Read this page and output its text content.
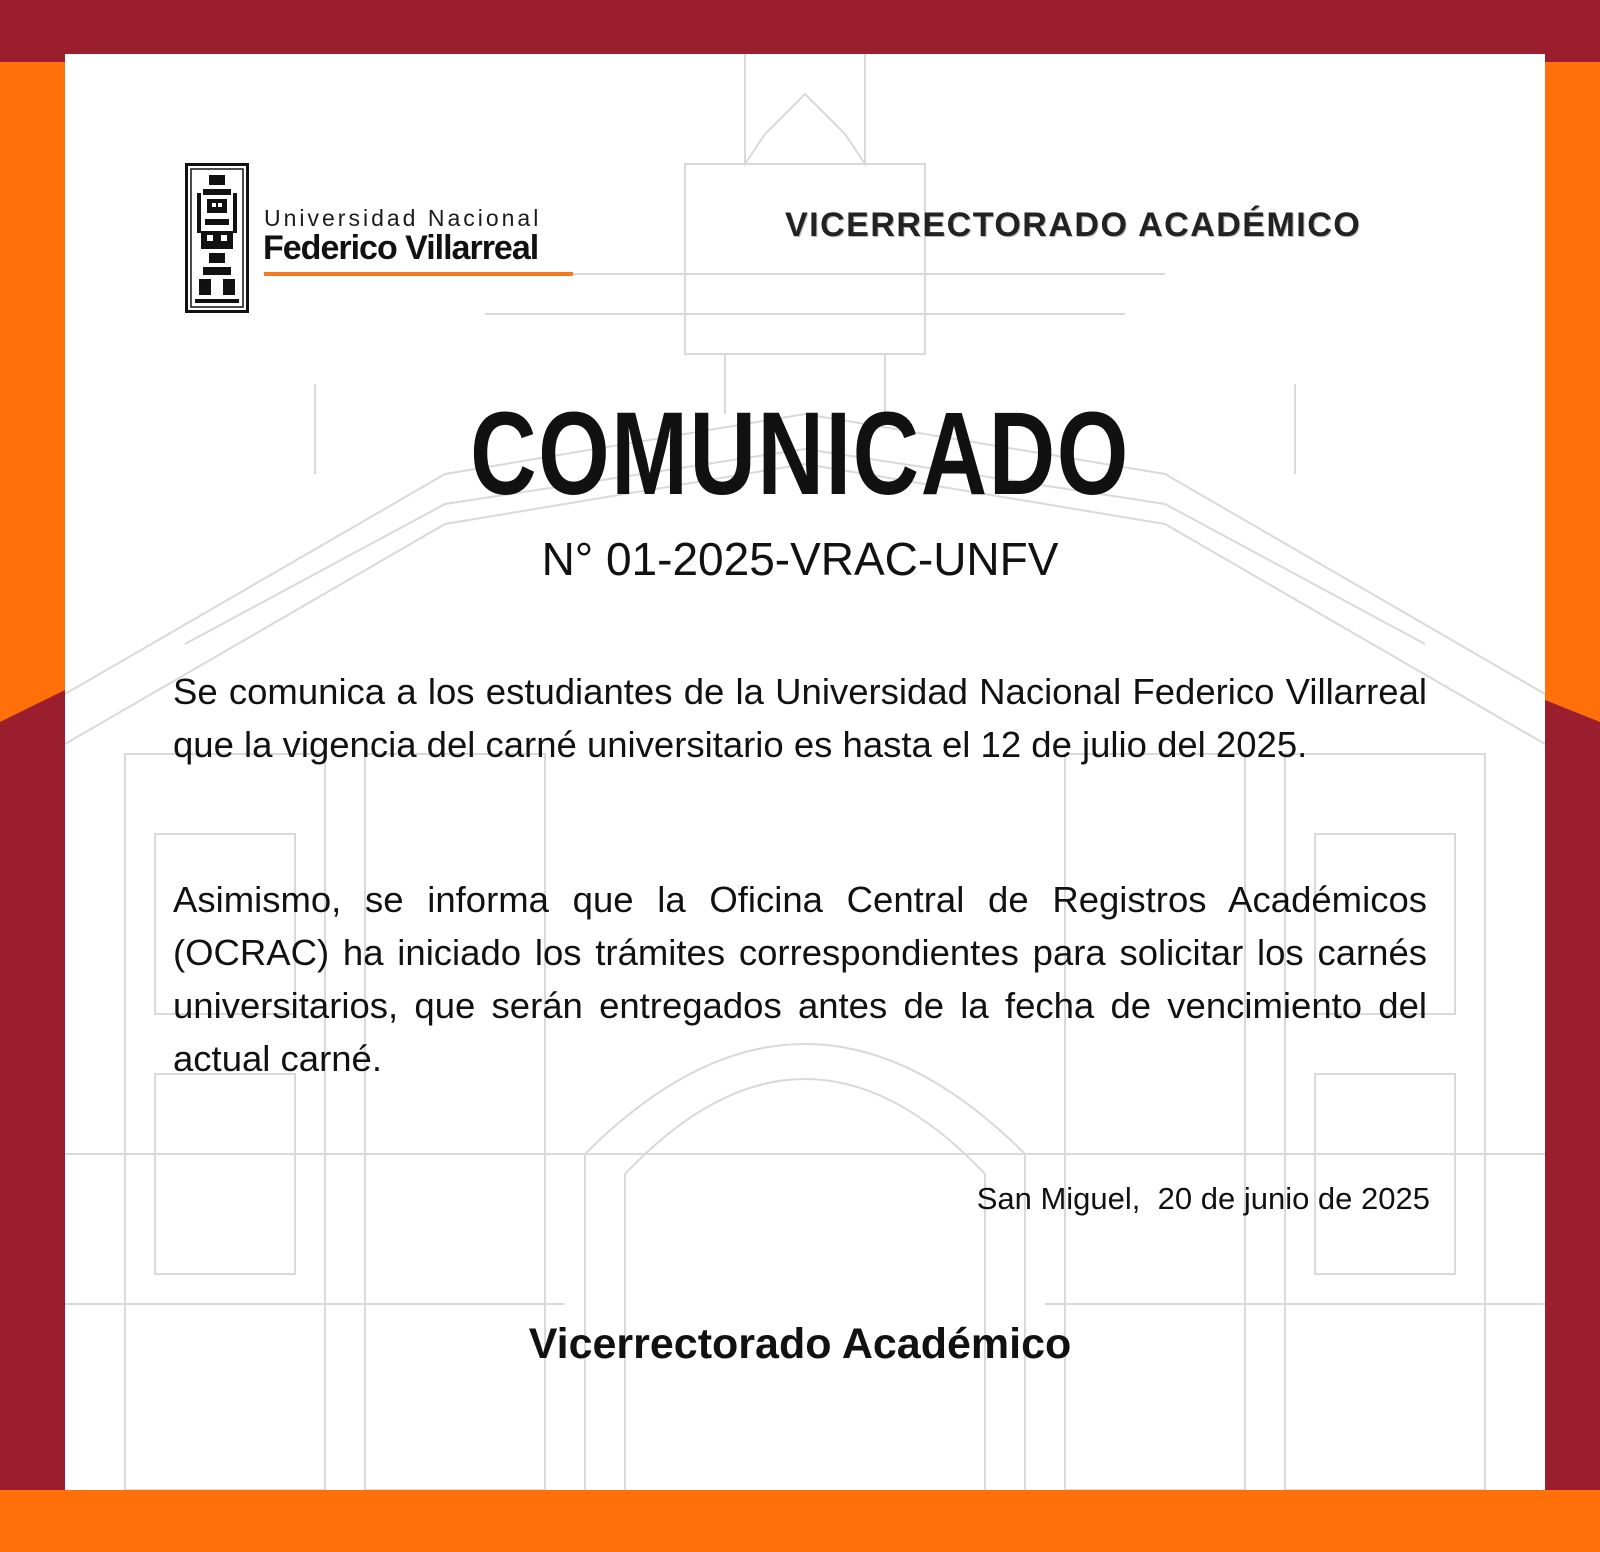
Universidad Nacional
Federico Villarreal
VICERRECTORADO ACADÉMICO
COMUNICADO
N° 01-2025-VRAC-UNFV

Se comunica a los estudiantes de la Universidad Nacional Federico Villarreal que la vigencia del carné universitario es hasta el 12 de julio del 2025.

Asimismo, se informa que la Oficina Central de Registros Académicos (OCRAC) ha iniciado los trámites correspondientes para solicitar los carnés universitarios, que serán entregados antes de la fecha de vencimiento del actual carné.

San Miguel,  20 de junio de 2025
Vicerrectorado Académico
